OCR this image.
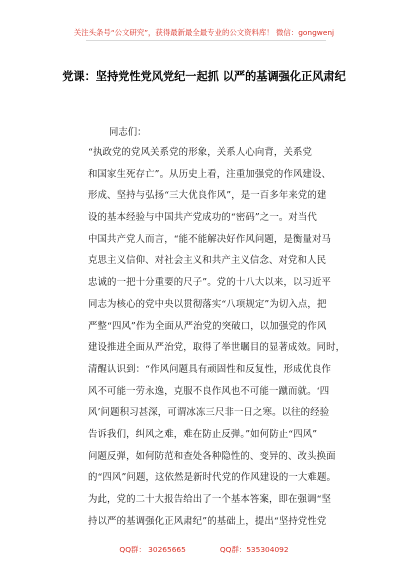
关注头条号“公文研究”，获得最新最全最专业的公文资料库！ 微信：gongwenj
党课：坚持党性党风党纪一起抓 以严的基调强化正风肃纪
同志们：
“执政党的党风关系党的形象，关系人心向背，关系党
和国家生死存亡”。从历史上看，注重加强党的作风建设、
形成、坚持与弘扬“三大优良作风”，是一百多年来党的建
设的基本经验与中国共产党成功的“密码”之一。对当代
中国共产党人而言，“能不能解决好作风问题，是衡量对马
克思主义信仰、对社会主义和共产主义信念、对党和人民
忠诚的一把十分重要的尺子”。党的十八大以来，以习近平
同志为核心的党中央以贯彻落实“八项规定”为切入点，把
严整“四风”作为全面从严治党的突破口，以加强党的作风
建设推进全面从严治党，取得了举世瞩目的显著成效。同时，
清醒认识到：“作风问题具有顽固性和反复性，形成优良作
风不可能一劳永逸，克服不良作风也不可能一蹴而就。‘四
风’问题积习甚深，可谓冰冻三尺非一日之寒。以往的经验
告诉我们，纠风之难，难在防止反弹。”如何防止“四风”
问题反弹，如何防范和查处各种隐性的、变异的、改头换面
的“四风”问题，这依然是新时代党的作风建设的一大难题。
为此，党的二十大报告给出了一个基本答案，即在强调“坚
持以严的基调强化正风肃纪”的基础上，提出“坚持党性党
QQ群： 30265665	QQ群：535304092
